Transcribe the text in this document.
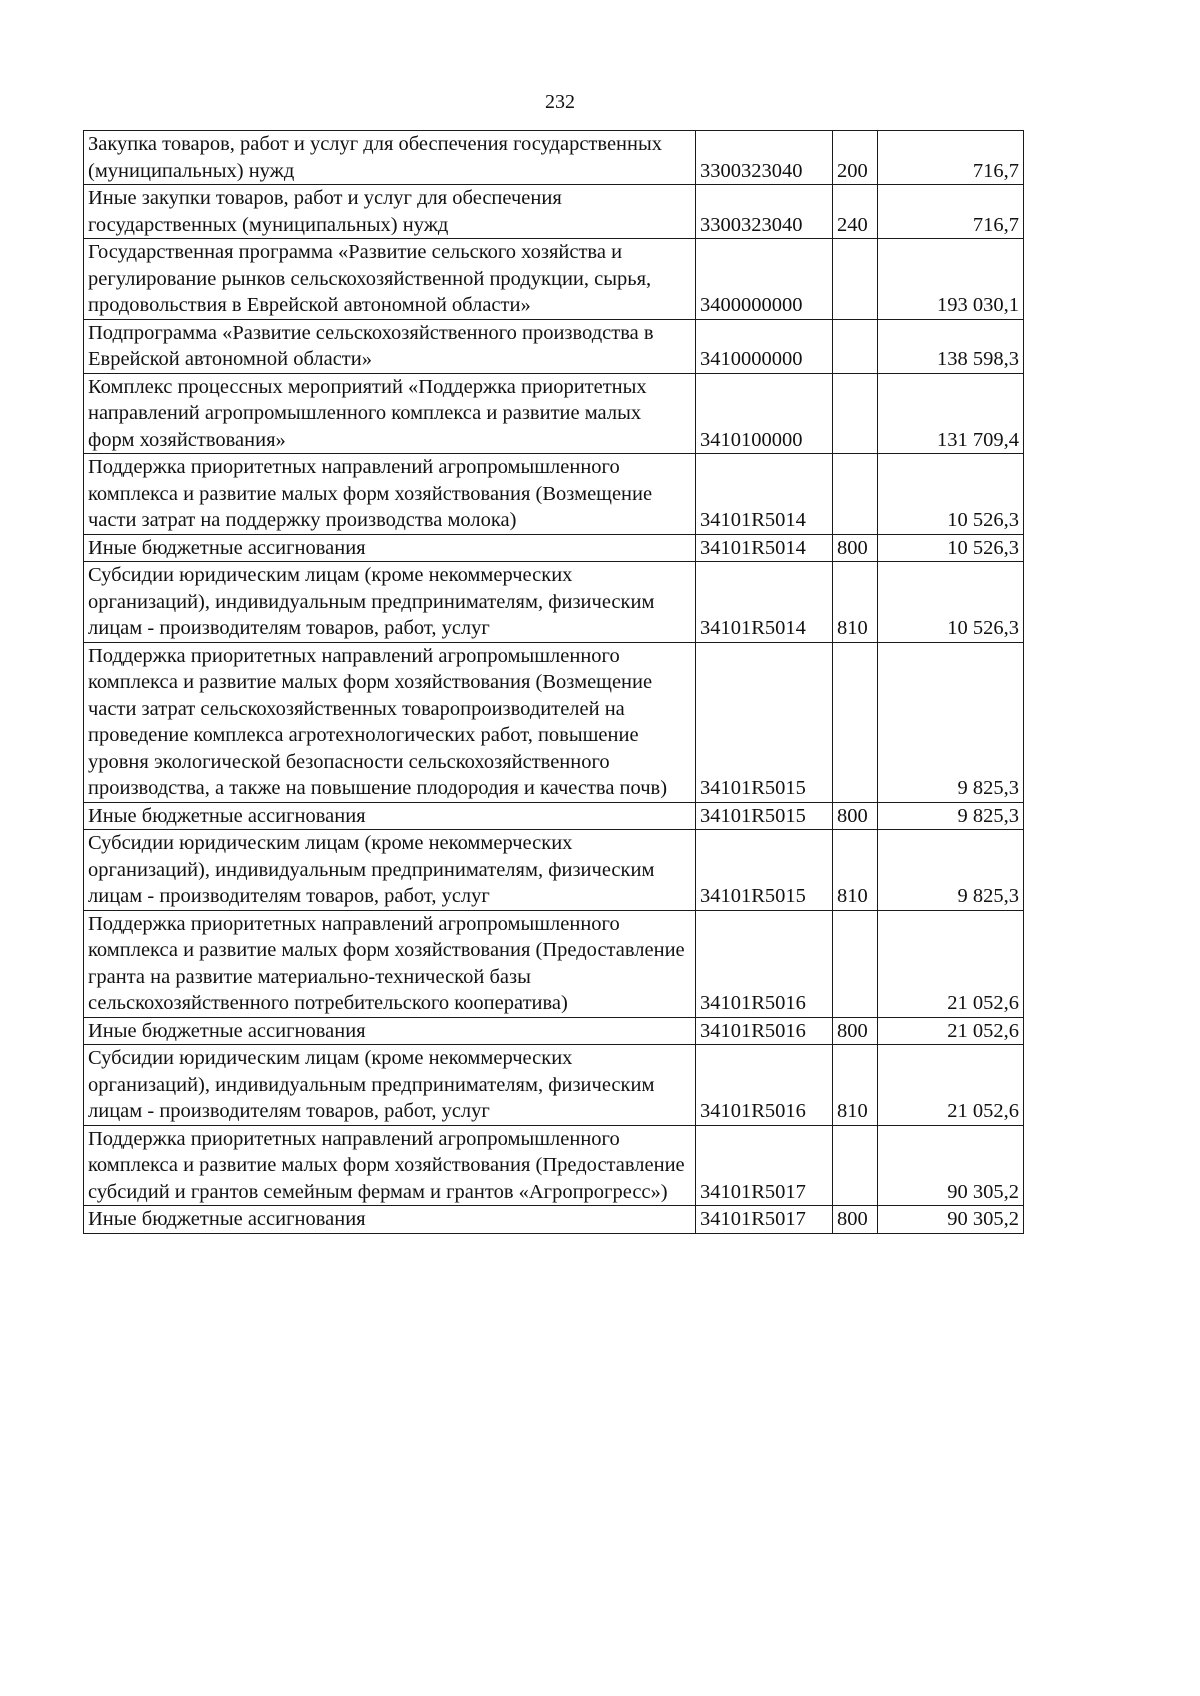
232
Закупка товаров, работ и услуг для обеспечения государственных (муниципальных) нужд	3300323040	200	716,7
Иные закупки товаров, работ и услуг для обеспечения государственных (муниципальных) нужд	3300323040	240	716,7
Государственная программа «Развитие сельского хозяйства и регулирование рынков сельскохозяйственной продукции, сырья, продовольствия в Еврейской автономной области»	3400000000		193 030,1
Подпрограмма «Развитие сельскохозяйственного производства в Еврейской автономной области»	3410000000		138 598,3
Комплекс процессных мероприятий «Поддержка приоритетных направлений агропромышленного комплекса и развитие малых форм хозяйствования»	3410100000		131 709,4
Поддержка приоритетных направлений агропромышленного комплекса и развитие малых форм хозяйствования (Возмещение части затрат на поддержку производства молока)	34101R5014		10 526,3
Иные бюджетные ассигнования	34101R5014	800	10 526,3
Субсидии юридическим лицам (кроме некоммерческих организаций), индивидуальным предпринимателям, физическим лицам - производителям товаров, работ, услуг	34101R5014	810	10 526,3
Поддержка приоритетных направлений агропромышленного комплекса и развитие малых форм хозяйствования (Возмещение части затрат сельскохозяйственных товаропроизводителей на проведение комплекса агротехнологических работ, повышение уровня экологической безопасности сельскохозяйственного производства, а также на повышение плодородия и качества почв)	34101R5015		9 825,3
Иные бюджетные ассигнования	34101R5015	800	9 825,3
Субсидии юридическим лицам (кроме некоммерческих организаций), индивидуальным предпринимателям, физическим лицам - производителям товаров, работ, услуг	34101R5015	810	9 825,3
Поддержка приоритетных направлений агропромышленного комплекса и развитие малых форм хозяйствования (Предоставление гранта на развитие материально-технической базы сельскохозяйственного потребительского кооператива)	34101R5016		21 052,6
Иные бюджетные ассигнования	34101R5016	800	21 052,6
Субсидии юридическим лицам (кроме некоммерческих организаций), индивидуальным предпринимателям, физическим лицам - производителям товаров, работ, услуг	34101R5016	810	21 052,6
Поддержка приоритетных направлений агропромышленного комплекса и развитие малых форм хозяйствования (Предоставление субсидий и грантов семейным фермам и грантов «Агропрогресс»)	34101R5017		90 305,2
Иные бюджетные ассигнования	34101R5017	800	90 305,2
